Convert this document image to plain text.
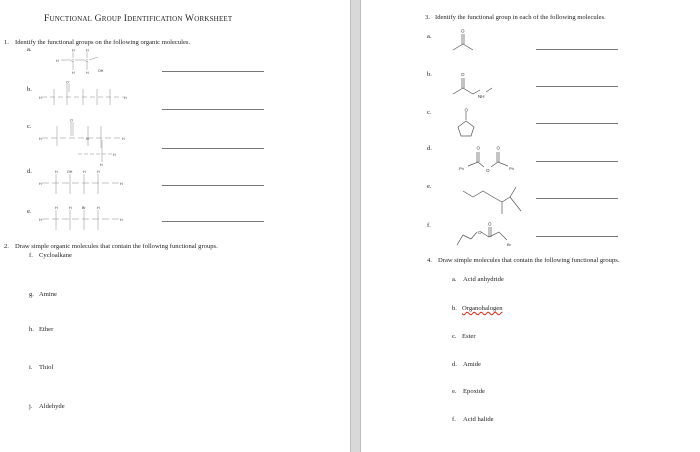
Functional Group Identification Worksheet
1. Identify the functional groups on the following organic molecules.
a.
H	C	C
H
H
H
H	OH
b.
O
H	H
c.
O
H	H
N
H
H
d.	H	OH	H	H
H	H
e.	H	H	Br	H
H	H
2. Draw simple organic molecules that contain the following functional groups.
f. Cycloalkane
g. Amine
h. Ether
i. Thiol
j. Aldehyde
3. Identify the functional group in each of the following molecules.
a.
O
b.	O
NH
c.	O
d.	O	O
Ph	O	Ph
e.
f.	O
O
Br
4. Draw simple molecules that contain the following functional groups.
a. Acid anhydride
b. Organohalogen
c. Ester
d. Amide
e. Epoxide
f. Acid halide
